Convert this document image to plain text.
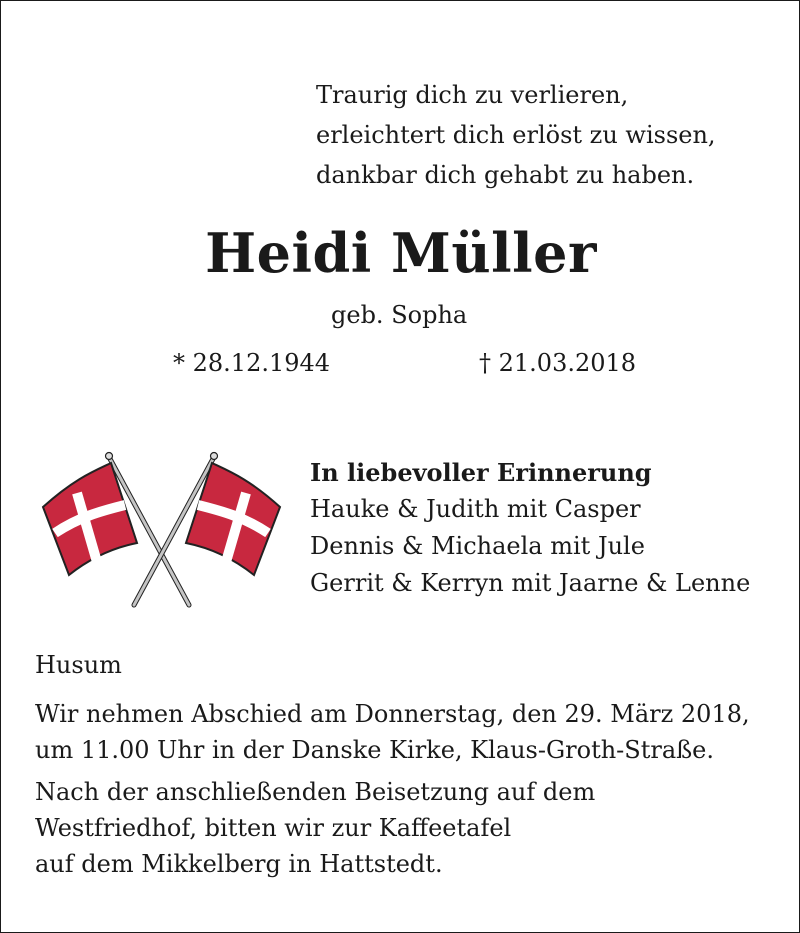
Traurig dich zu verlieren,
erleichtert dich erlöst zu wissen,
dankbar dich gehabt zu haben.
Heidi Müller
geb. Sopha
* 28.12.1944	† 21.03.2018
In liebevoller Erinnerung
Hauke & Judith mit Casper
Dennis & Michaela mit Jule
Gerrit & Kerryn mit Jaarne & Lenne
Husum
Wir nehmen Abschied am Donnerstag, den 29. März 2018,
um 11.00 Uhr in der Danske Kirke, Klaus-Groth-Straße.
Nach der anschließenden Beisetzung auf dem
Westfriedhof, bitten wir zur Kaffeetafel
auf dem Mikkelberg in Hattstedt.
